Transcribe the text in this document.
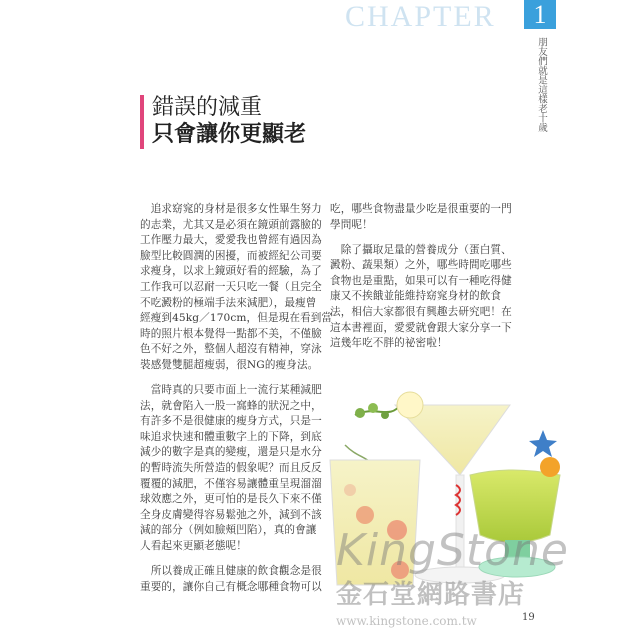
CHAPTER	1
朋友們就是這樣老十歲
錯誤的減重
只會讓你更顯老
　追求窈窕的身材是很多女性畢生努力
的志業，尤其又是必須在鏡頭前露臉的
工作壓力最大，愛愛我也曾經有過因為
臉型比較圓潤的困擾，而被經紀公司要
求瘦身，以求上鏡頭好看的經驗，為了
工作我可以忍耐一天只吃一餐（且完全
不吃澱粉的極端手法來減肥），最瘦曾
經瘦到45kg／170cm，但是現在看到當
時的照片根本覺得一點都不美，不僅臉
色不好之外，整個人超沒有精神，穿泳
裝感覺雙腿超瘦弱，很NG的瘦身法。
　當時真的只要市面上一流行某種減肥
法，就會陷入一股一窩蜂的狀況之中，
有許多不是很健康的瘦身方式，只是一
味追求快速和體重數字上的下降，到底
減少的數字是真的變瘦，還是只是水分
的暫時流失所營造的假象呢？而且反反
覆覆的減肥，不僅容易讓體重呈現溜溜
球效應之外，更可怕的是長久下來不僅
全身皮膚變得容易鬆弛之外，減到不該
減的部分（例如臉頰凹陷），真的會讓
人看起來更顯老態呢！
　所以養成正確且健康的飲食觀念是很
重要的，讓你自己有概念哪種食物可以
吃，哪些食物盡量少吃是很重要的一門
學問呢！
　除了攝取足量的營養成分（蛋白質、
澱粉、蔬果類）之外，哪些時間吃哪些
食物也是重點，如果可以有一種吃得健
康又不挨餓並能維持窈窕身材的飲食
法，相信大家都很有興趣去研究吧！在
這本書裡面，愛愛就會跟大家分享一下
這幾年吃不胖的祕密啦！
KingStone
金石堂網路書店
www.kingstone.com.tw	19
